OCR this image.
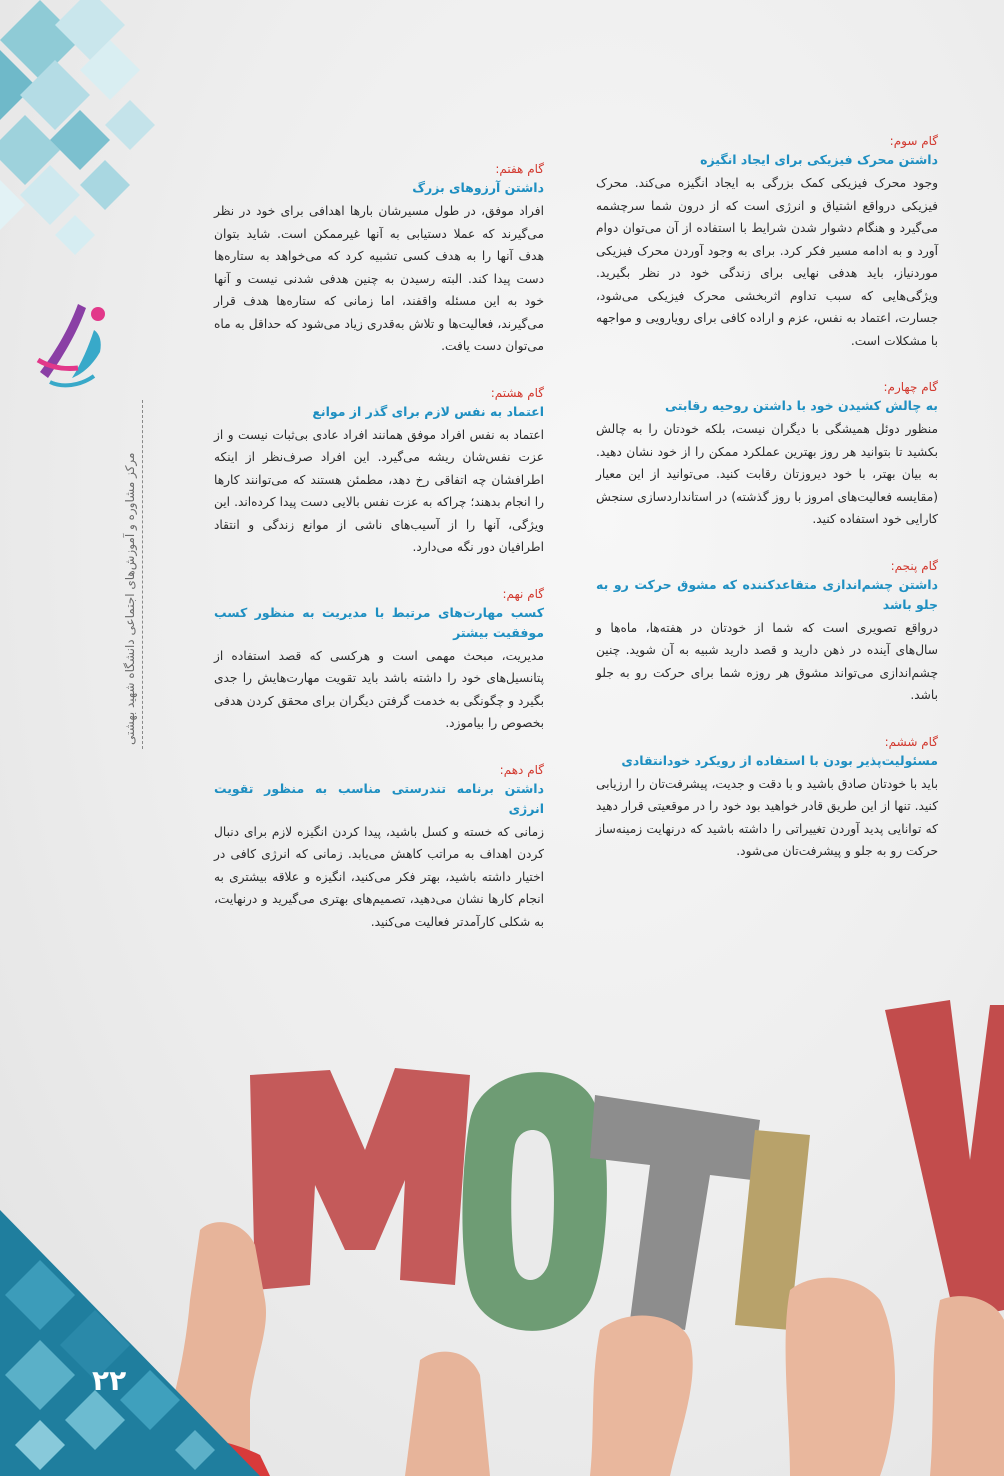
مرکز مشاوره و آموزش‌های اجتماعی دانشگاه شهید بهشتی

گام سوم:

داشتن محرک فیزیکی برای ایجاد انگیزه

وجود محرک فیزیکی کمک بزرگی به ایجاد انگیزه می‌کند. محرک فیزیکی درواقع اشتیاق و انرژی است که از درون شما سرچشمه می‌گیرد و هنگام دشوار شدن شرایط با استفاده از آن می‌توان دوام آورد و به ادامه مسیر فکر کرد. برای به وجود آوردن محرک فیزیکی موردنیاز، باید هدفی نهایی برای زندگی خود در نظر بگیرید. ویژگی‌هایی که سبب تداوم اثربخشی محرک فیزیکی می‌شود، جسارت، اعتماد به نفس، عزم و اراده کافی برای رویارویی و مواجهه با مشکلات است.

گام چهارم:

به چالش کشیدن خود با داشتن روحیه رقابتی

منظور دوئل همیشگی با دیگران نیست، بلکه خودتان را به چالش بکشید تا بتوانید هر روز بهترین عملکرد ممکن را از خود نشان دهید. به بیان بهتر، با خود دیروزتان رقابت کنید. می‌توانید از این معیار (مقایسه فعالیت‌های امروز با روز گذشته) در استانداردسازی سنجش کارایی خود استفاده کنید.

گام پنجم:

داشتن چشم‌اندازی متقاعدکننده که مشوق حرکت رو به جلو باشد

درواقع تصویری است که شما از خودتان در هفته‌ها، ماه‌ها و سال‌های آینده در ذهن دارید و قصد دارید شبیه به آن شوید. چنین چشم‌اندازی می‌تواند مشوق هر روزه شما برای حرکت رو به جلو باشد.

گام ششم:

مسئولیت‌پذیر بودن با استفاده از رویکرد خودانتقادی

باید با خودتان صادق باشید و با دقت و جدیت، پیشرفت‌تان را ارزیابی کنید. تنها از این طریق قادر خواهید بود خود را در موقعیتی قرار دهید که توانایی پدید آوردن تغییراتی را داشته باشید که درنهایت زمینه‌ساز حرکت رو به جلو و پیشرفت‌تان می‌شود.

گام هفتم:

داشتن آرزوهای بزرگ

افراد موفق، در طول مسیرشان بارها اهدافی برای خود در نظر می‌گیرند که عملا دستیابی به آنها غیرممکن است. شاید بتوان هدف آنها را به هدف کسی تشبیه کرد که می‌خواهد به ستاره‌ها دست پیدا کند. البته رسیدن به چنین هدفی شدنی نیست و آنها خود به این مسئله واقفند، اما زمانی که ستاره‌ها هدف قرار می‌گیرند، فعالیت‌ها و تلاش به‌قدری زیاد می‌شود که حداقل به ماه می‌توان دست یافت.

گام هشتم:

اعتماد به نفس لازم برای گذر از موانع

اعتماد به نفس افراد موفق همانند افراد عادی بی‌ثبات نیست و از عزت نفس‌شان ریشه می‌گیرد. این افراد صرف‌نظر از اینکه اطرافشان چه اتفاقی رخ دهد، مطمئن هستند که می‌توانند کارها را انجام بدهند؛ چراکه به عزت نفس بالایی دست پیدا کرده‌اند. این ویژگی، آنها را از آسیب‌های ناشی از موانع زندگی و انتقاد اطرافیان دور نگه می‌دارد.

گام نهم:

کسب مهارت‌های مرتبط با مدیریت به منظور کسب موفقیت بیشتر

مدیریت، مبحث مهمی است و هرکسی که قصد استفاده از پتانسیل‌های خود را داشته باشد باید تقویت مهارت‌هایش را جدی بگیرد و چگونگی به خدمت گرفتن دیگران برای محقق کردن هدفی بخصوص را بیاموزد.

گام دهم:

داشتن برنامه تندرستی مناسب به منظور تقویت انرژی

زمانی که خسته و کسل باشید، پیدا کردن انگیزه لازم برای دنبال کردن اهداف به مراتب کاهش می‌یابد. زمانی که انرژی کافی در اختیار داشته باشید، بهتر فکر می‌کنید، انگیزه و علاقه بیشتری به انجام کارها نشان می‌دهید، تصمیم‌های بهتری می‌گیرید و درنهایت، به شکلی کارآمدتر فعالیت می‌کنید.

۲۲
